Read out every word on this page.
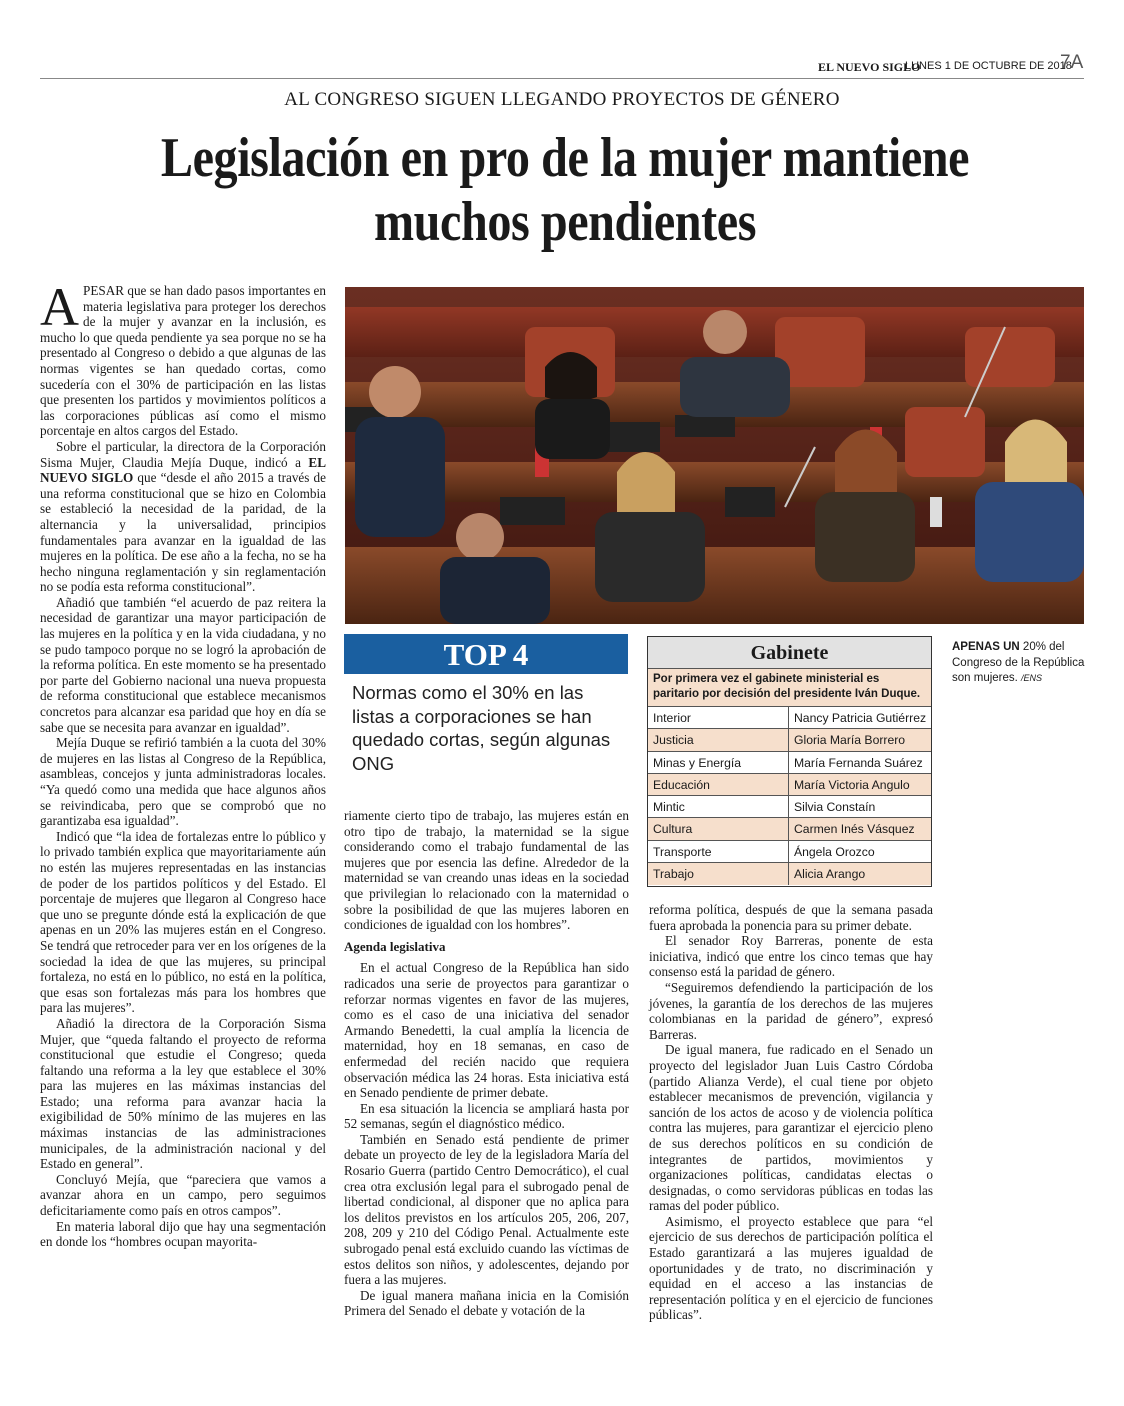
EL NUEVO SIGLO
LUNES 1 DE OCTUBRE DE 2018
7A
AL CONGRESO SIGUEN LLEGANDO PROYECTOS DE GÉNERO
Legislación en pro de la mujer mantiene muchos pendientes

APESAR que se han dado pasos importantes en materia legislativa para proteger los derechos de la mujer y avanzar en la inclusión, es mucho lo que queda pendiente ya sea porque no se ha presentado al Congreso o debido a que algunas de las normas vigentes se han quedado cortas, como sucedería con el 30% de participación en las listas que presenten los partidos y movimientos políticos a las corporaciones públicas así como el mismo porcentaje en altos cargos del Estado.

Sobre el particular, la directora de la Corporación Sisma Mujer, Claudia Mejía Duque, indicó a EL NUEVO SIGLO que “desde el año 2015 a través de una reforma constitucional que se hizo en Colombia se estableció la necesidad de la paridad, de la alternancia y la universalidad, principios fundamentales para avanzar en la igualdad de las mujeres en la política. De ese año a la fecha, no se ha hecho ninguna reglamentación y sin reglamentación no se podía esta reforma constitucional”.

Añadió que también “el acuerdo de paz reitera la necesidad de garantizar una mayor participación de las mujeres en la política y en la vida ciudadana, y no se pudo tampoco porque no se logró la aprobación de la reforma política. En este momento se ha presentado por parte del Gobierno nacional una nueva propuesta de reforma constitucional que establece mecanismos concretos para alcanzar esa paridad que hoy en día se sabe que se necesita para avanzar en igualdad”.

Mejía Duque se refirió también a la cuota del 30% de mujeres en las listas al Congreso de la República, asambleas, concejos y junta administradoras locales. “Ya quedó como una medida que hace algunos años se reivindicaba, pero que se comprobó que no garantizaba esa igualdad”.

Indicó que “la idea de fortalezas entre lo público y lo privado también explica que mayoritariamente aún no estén las mujeres representadas en las instancias de poder de los partidos políticos y del Estado. El porcentaje de mujeres que llegaron al Congreso hace que uno se pregunte dónde está la explicación de que apenas en un 20% las mujeres están en el Congreso. Se tendrá que retroceder para ver en los orígenes de la sociedad la idea de que las mujeres, su principal fortaleza, no está en lo público, no está en la política, que esas son fortalezas más para los hombres que para las mujeres”.

Añadió la directora de la Corporación Sisma Mujer, que “queda faltando el proyecto de reforma constitucional que estudie el Congreso; queda faltando una reforma a la ley que establece el 30% para las mujeres en las máximas instancias del Estado; una reforma para avanzar hacia la exigibilidad de 50% mínimo de las mujeres en las máximas instancias de las administraciones municipales, de la administración nacional y del Estado en general”.

Concluyó Mejía, que “pareciera que vamos a avanzar ahora en un campo, pero seguimos deficitariamente como país en otros campos”.

En materia laboral dijo que hay una segmentación en donde los “hombres ocupan mayorita-

TOP 4
Normas como el 30% en las listas a corporaciones se han quedado cortas, según algunas ONG

riamente cierto tipo de trabajo, las mujeres están en otro tipo de trabajo, la maternidad se la sigue considerando como el trabajo fundamental de las mujeres que por esencia las define. Alrededor de la maternidad se van creando unas ideas en la sociedad que privilegian lo relacionado con la maternidad o sobre la posibilidad de que las mujeres laboren en condiciones de igualdad con los hombres”.

Agenda legislativa

En el actual Congreso de la República han sido radicados una serie de proyectos para garantizar o reforzar normas vigentes en favor de las mujeres, como es el caso de una iniciativa del senador Armando Benedetti, la cual amplía la licencia de maternidad, hoy en 18 semanas, en caso de enfermedad del recién nacido que requiera observación médica las 24 horas. Esta iniciativa está en Senado pendiente de primer debate.

En esa situación la licencia se ampliará hasta por 52 semanas, según el diagnóstico médico.

También en Senado está pendiente de primer debate un proyecto de ley de la legisladora María del Rosario Guerra (partido Centro Democrático), el cual crea otra exclusión legal para el subrogado penal de libertad condicional, al disponer que no aplica para los delitos previstos en los artículos 205, 206, 207, 208, 209 y 210 del Código Penal. Actualmente este subrogado penal está excluido cuando las víctimas de estos delitos son niños, y adolescentes, dejando por fuera a las mujeres.

De igual manera mañana inicia en la Comisión Primera del Senado el debate y votación de la

Gabinete
Por primera vez el gabinete ministerial es paritario por decisión del presidente Iván Duque.
Interior	Nancy Patricia Gutiérrez
Justicia	Gloria María Borrero
Minas y Energía	María Fernanda Suárez
Educación	María Victoria Angulo
Mintic	Silvia Constaín
Cultura	Carmen Inés Vásquez
Transporte	Ángela Orozco
Trabajo	Alicia Arango
APENAS UN 20% del Congreso de la República son mujeres. /ENS

reforma política, después de que la semana pasada fuera aprobada la ponencia para su primer debate.

El senador Roy Barreras, ponente de esta iniciativa, indicó que entre los cinco temas que hay consenso está la paridad de género.

“Seguiremos defendiendo la participación de los jóvenes, la garantía de los derechos de las mujeres colombianas en la paridad de género”, expresó Barreras.

De igual manera, fue radicado en el Senado un proyecto del legislador Juan Luis Castro Córdoba (partido Alianza Verde), el cual tiene por objeto establecer mecanismos de prevención, vigilancia y sanción de los actos de acoso y de violencia política contra las mujeres, para garantizar el ejercicio pleno de sus derechos políticos en su condición de integrantes de partidos, movimientos y organizaciones políticas, candidatas electas o designadas, o como servidoras públicas en todas las ramas del poder público.

Asimismo, el proyecto establece que para “el ejercicio de sus derechos de participación política el Estado garantizará a las mujeres igualdad de oportunidades y de trato, no discriminación y equidad en el acceso a las instancias de representación política y en el ejercicio de funciones públicas”.
